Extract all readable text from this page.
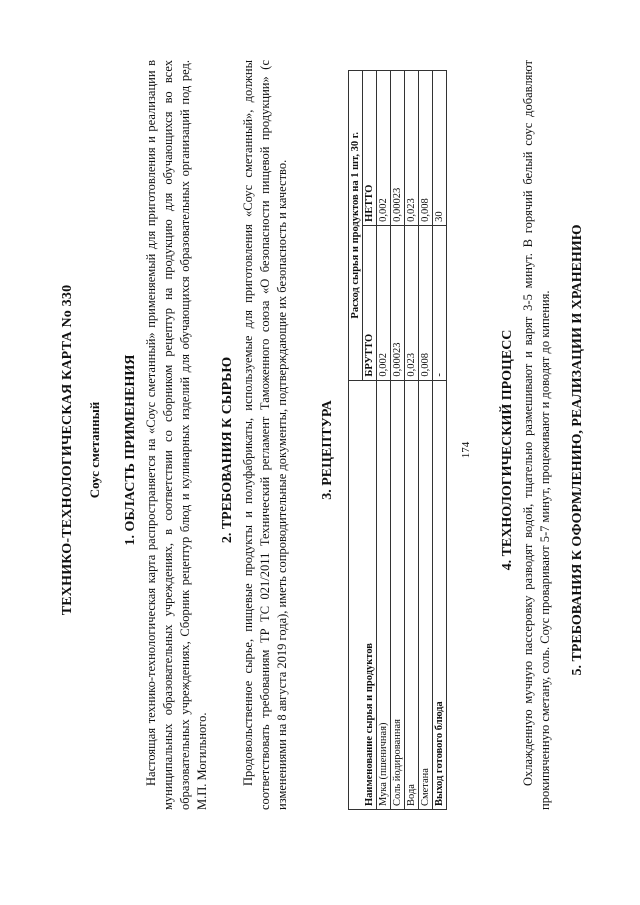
ТЕХНИКО-ТЕХНОЛОГИЧЕСКАЯ КАРТА No 330 Соус сметанный 1. ОБЛАСТЬ ПРИМЕНЕНИЯ Настоящая технико-технологическая карта распространяется на «Соус сметанный» применяемый для приготовления и реализации в муниципальных образовательных учреждениях, в соответствии со сборником рецептур на продукцию для обучающихся во всех образовательных учреждениях, Сборник рецептур блюд и кулинарных изделий для обучающихся образовательных организаций под ред. М.П. Могильного.

2. ТРЕБОВАНИЯ К СЫРЬЮ Продовольственное сырье, пищевые продукты и полуфабрикаты, используемые для приготовления «Соус сметанный», должны соответствовать требованиям ТР ТС 021/2011 Технический регламент Таможенного союза «О безопасности пищевой продукции» (с изменениями на 8 августа 2019 года), иметь сопроводительные документы, подтверждающие их безопасность и качество. 3. РЕЦЕПТУРА
Наименование сырья и продуктов	Расход сырья и продуктов на 1 шт, 30 г.	
	БРУТТО	НЕТТО
Мука (пшеничная)	0,002	0,002
Соль йодированная	0,00023	0,00023
Вода	0,023	0,023
Сметана	0,008	0,008
Выход готового блюда	-	30
174 4. ТЕХНОЛОГИЧЕСКИЙ ПРОЦЕСС Охлажденную мучную пассеровку разводят водой, тщательно размешивают и варят 3-5 минут. В горячий белый соус добавляют прокипяченную сметану, соль. Соус проваривают 5-7 минут, процеживают и доводят до кипения. 5. ТРЕБОВАНИЯ К ОФОРМЛЕНИЮ, РЕАЛИЗАЦИИ И ХРАНЕНИЮ
